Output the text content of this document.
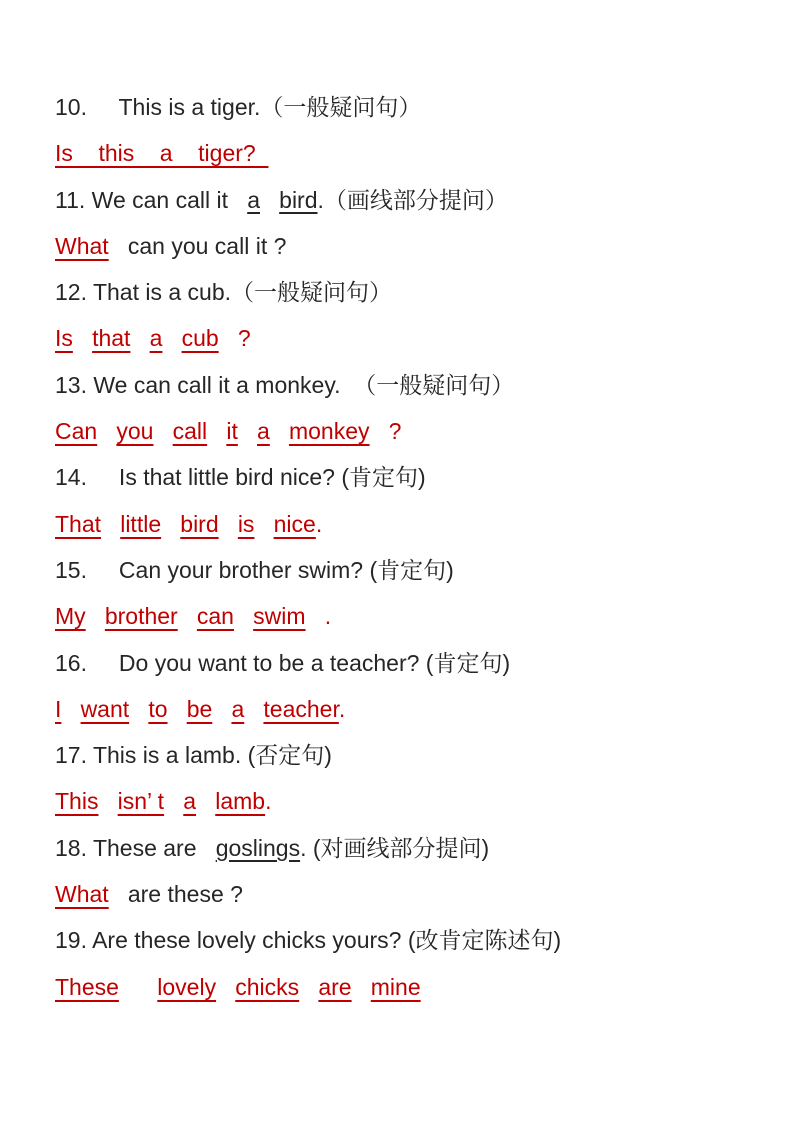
10.     This is a tiger.（一般疑问句）
Is    this    a    tiger?
11. We can call it   a bird.（画线部分提问）
What   can you call it ?
12. That is a cub.（一般疑问句）
Is that a cub   ?
13. We can call it a monkey.  （一般疑问句）
Can you call it a monkey   ?
14.     Is that little bird nice? (肯定句)
That little bird is nice.
15.     Can your brother swim? (肯定句)
My brother can swim   .
16.     Do you want to be a teacher? (肯定句)
I want to be a teacher.
17. This is a lamb. (否定句)
This isn’ t a lamb.
18. These are   goslings. (对画线部分提问)
What   are these ?
19. Are these lovely chicks yours? (改肯定陈述句)
These lovely chicks are mine
